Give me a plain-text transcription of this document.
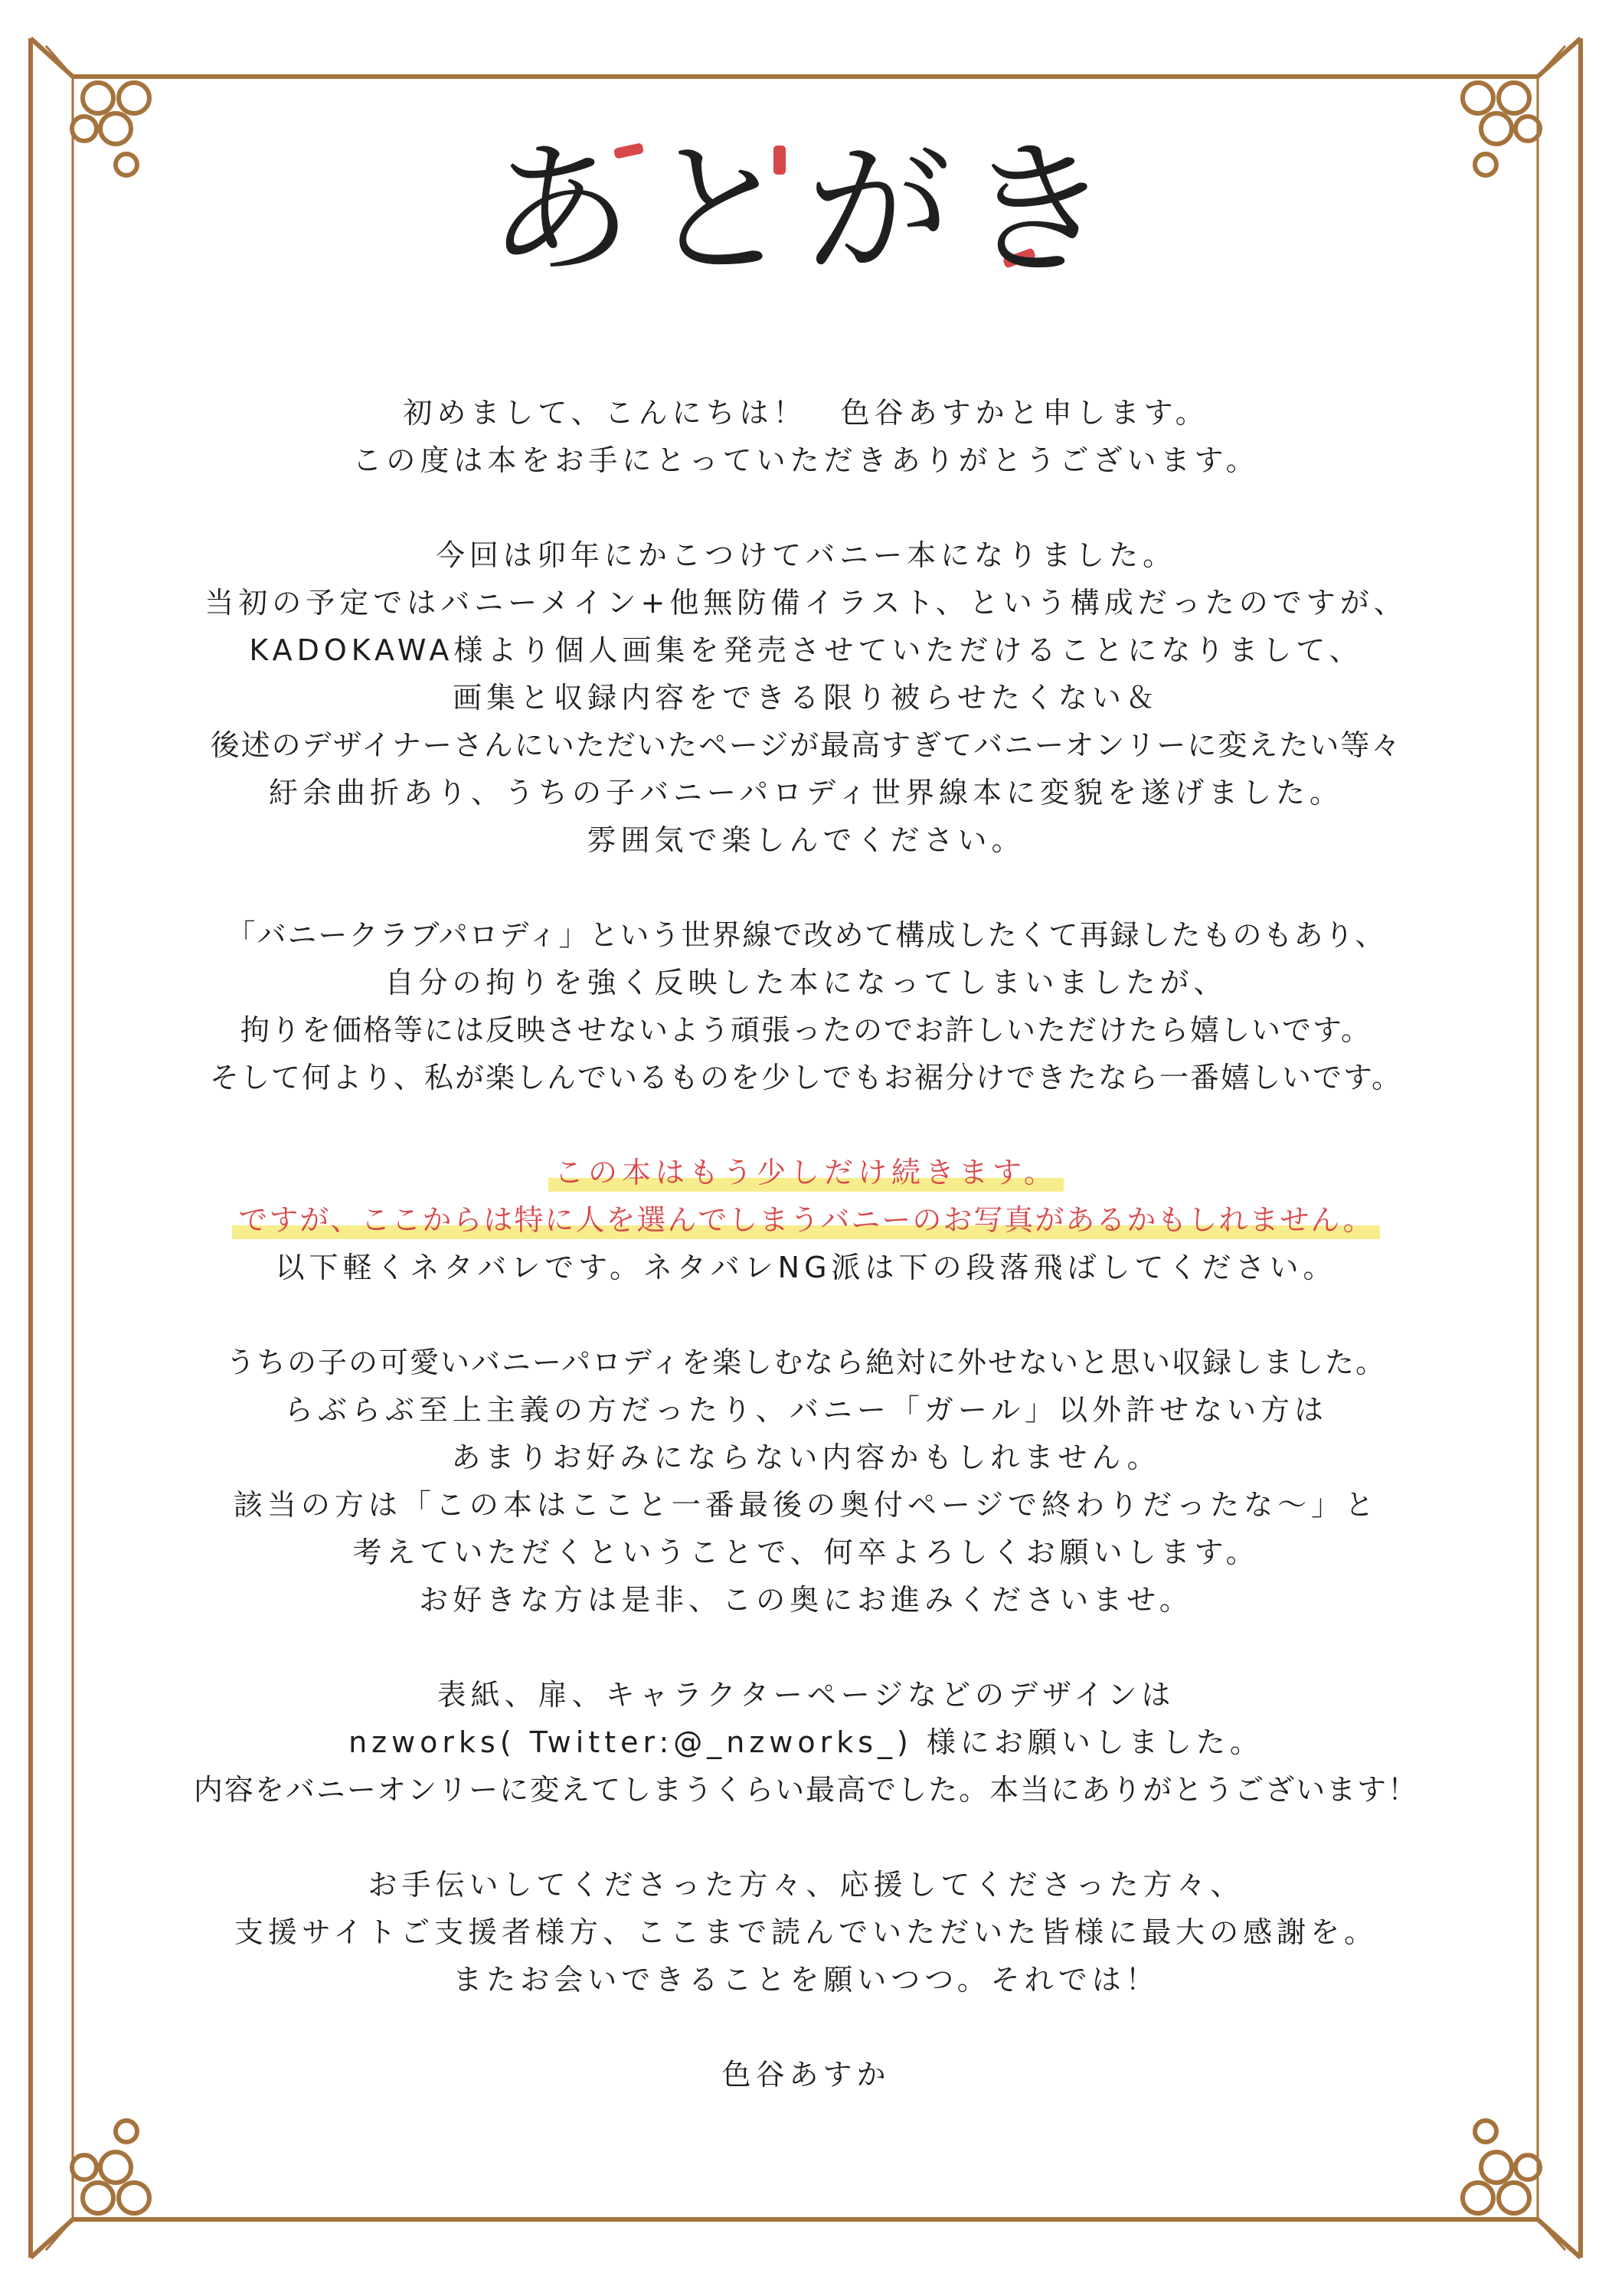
あとがき
初めまして、こんにちは！　色谷あすかと申します。
この度は本をお手にとっていただきありがとうございます。
今回は卯年にかこつけてバニー本になりました。
当初の予定ではバニーメイン+他無防備イラスト、という構成だったのですが、
KADOKAWA様より個人画集を発売させていただけることになりまして、
画集と収録内容をできる限り被らせたくない＆
後述のデザイナーさんにいただいたページが最高すぎてバニーオンリーに変えたい等々
紆余曲折あり、うちの子バニーパロディ世界線本に変貌を遂げました。
雰囲気で楽しんでください。
「バニークラブパロディ」という世界線で改めて構成したくて再録したものもあり、
自分の拘りを強く反映した本になってしまいましたが、
拘りを価格等には反映させないよう頑張ったのでお許しいただけたら嬉しいです。
そして何より、私が楽しんでいるものを少しでもお裾分けできたなら一番嬉しいです。
この本はもう少しだけ続きます。
ですが、ここからは特に人を選んでしまうバニーのお写真があるかもしれません。
以下軽くネタバレです。ネタバレNG派は下の段落飛ばしてください。
うちの子の可愛いバニーパロディを楽しむなら絶対に外せないと思い収録しました。
らぶらぶ至上主義の方だったり、バニー「ガール」以外許せない方は
あまりお好みにならない内容かもしれません。
該当の方は「この本はここと一番最後の奥付ページで終わりだったな〜」と
考えていただくということで、何卒よろしくお願いします。
お好きな方は是非、この奥にお進みくださいませ。
表紙、扉、キャラクターページなどのデザインは
nzworks( Twitter:@_nzworks_) 様にお願いしました。
内容をバニーオンリーに変えてしまうくらい最高でした。本当にありがとうございます！
お手伝いしてくださった方々、応援してくださった方々、
支援サイトご支援者様方、ここまで読んでいただいた皆様に最大の感謝を。
またお会いできることを願いつつ。それでは！
色谷あすか
